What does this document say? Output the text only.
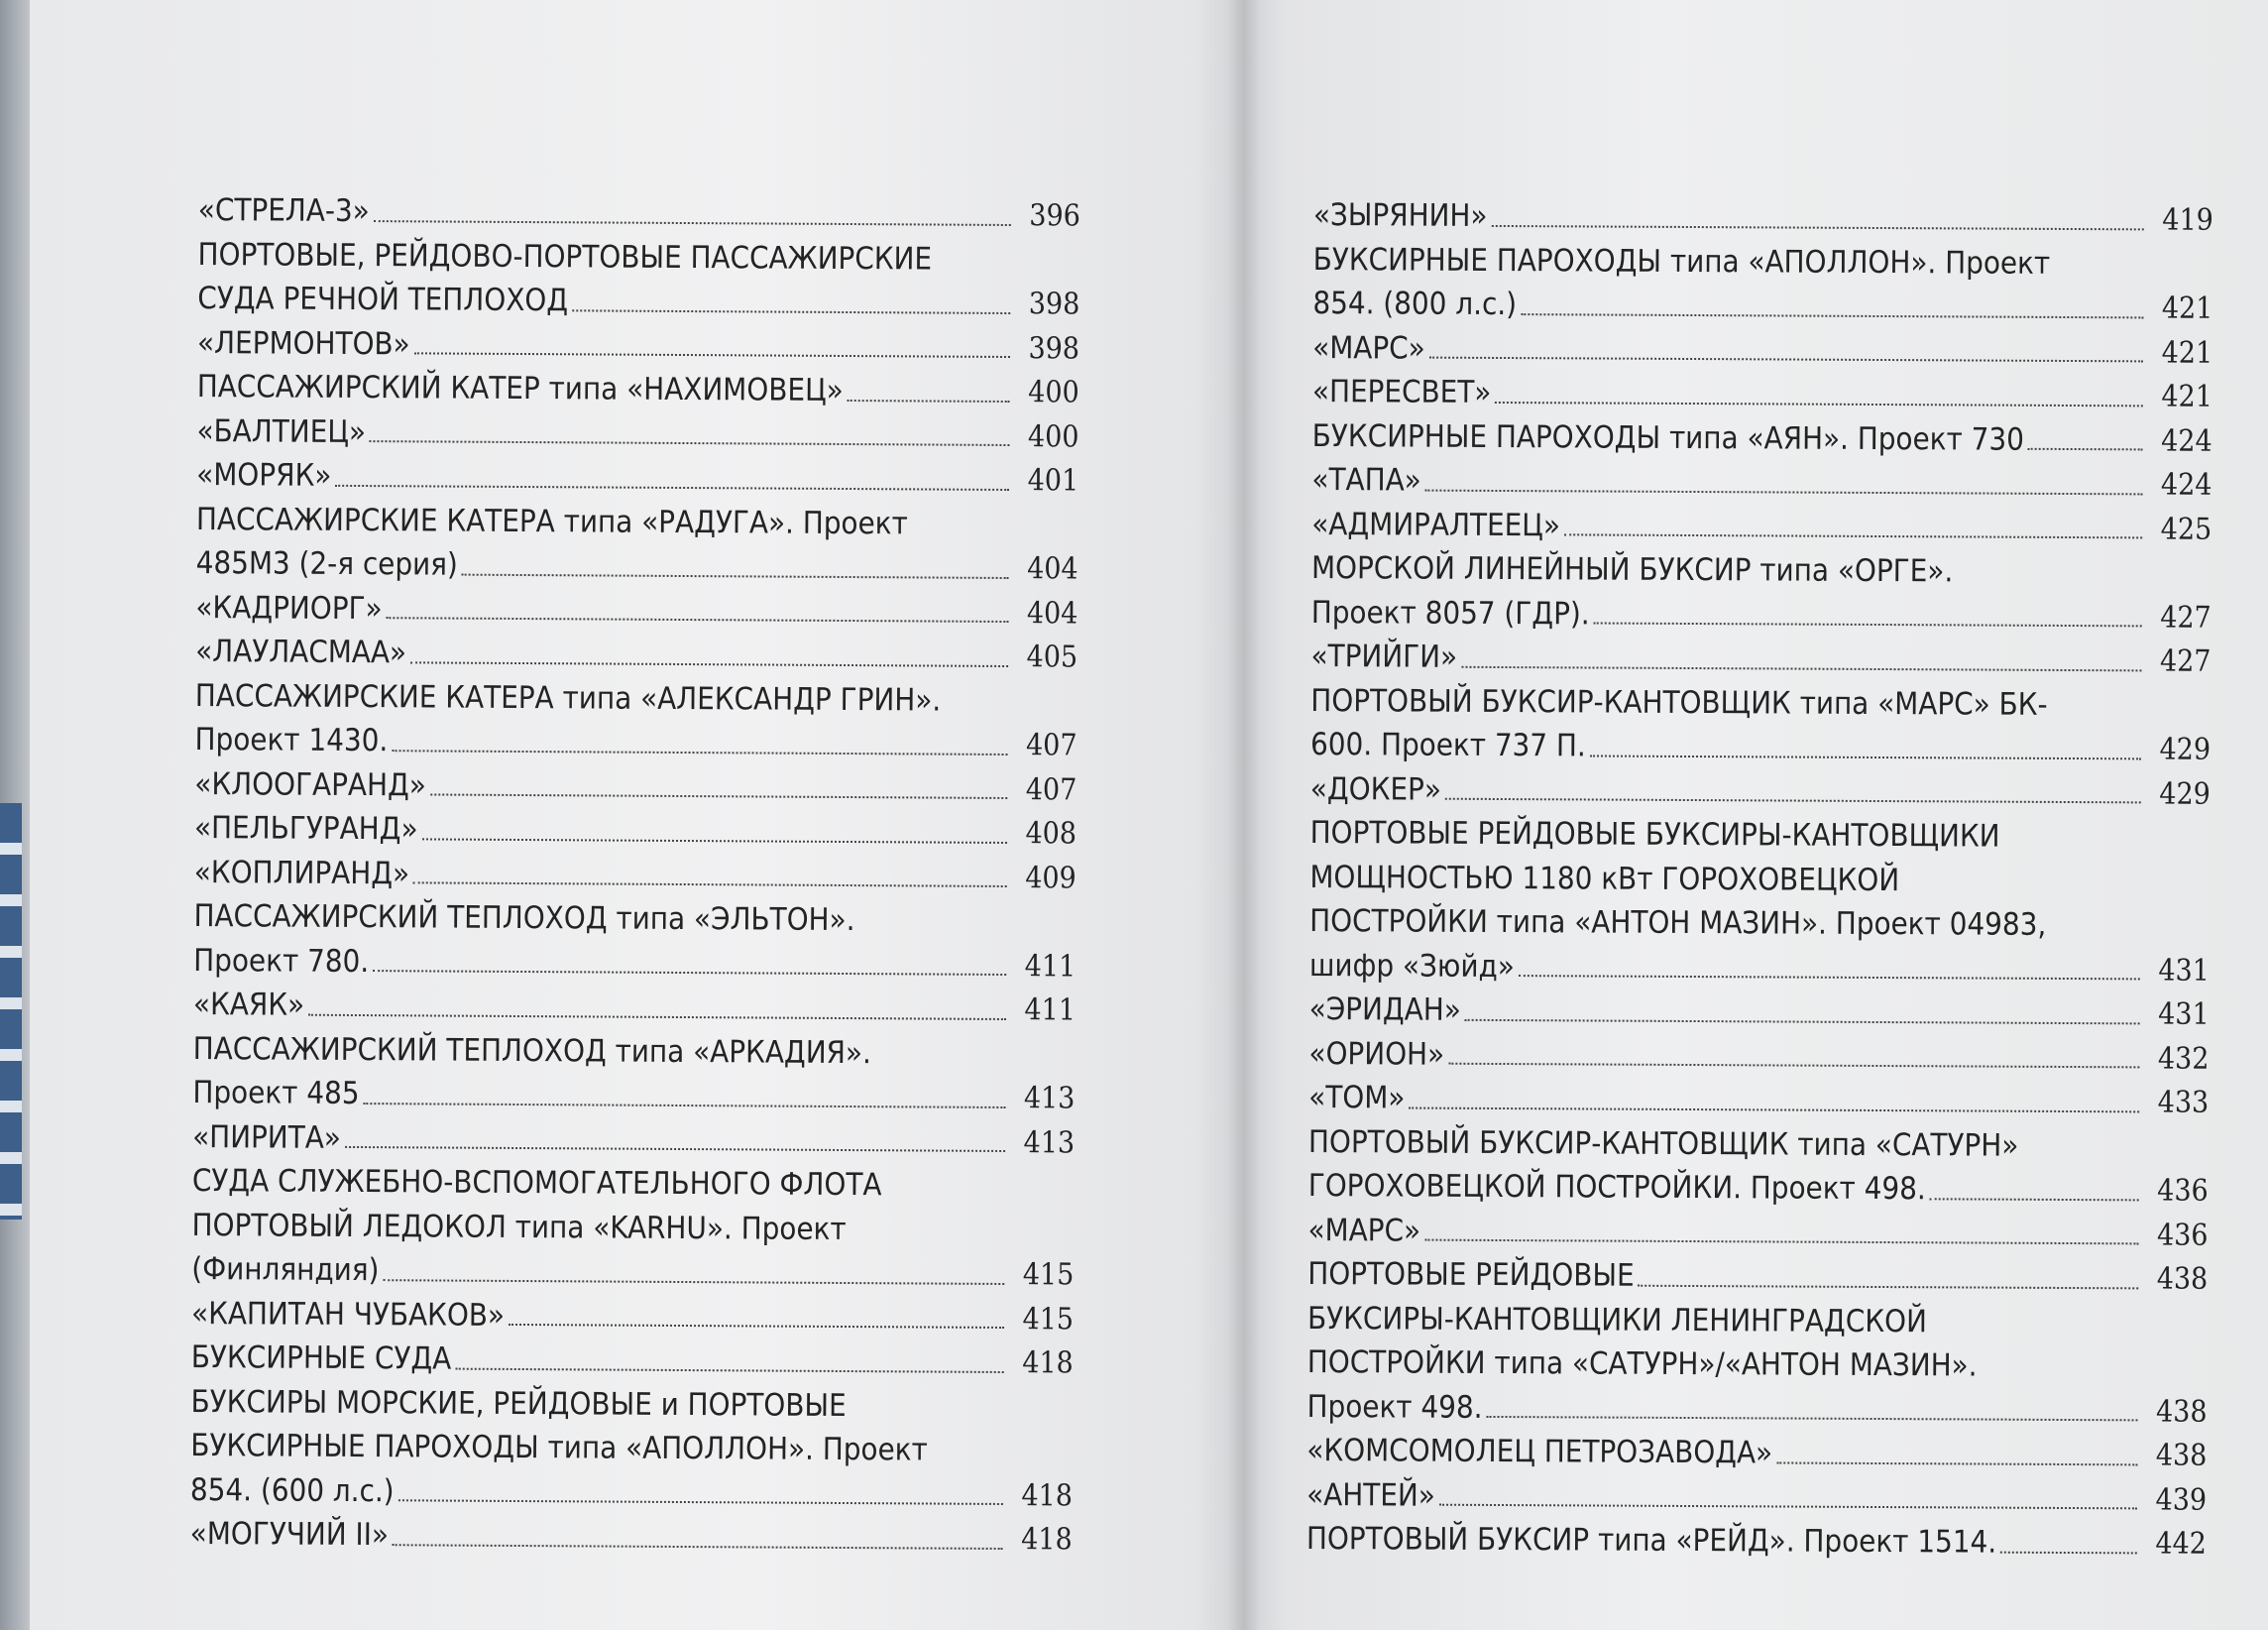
«СТРЕЛА-3»	396
ПОРТОВЫЕ, РЕЙДОВО-ПОРТОВЫЕ ПАССАЖИРСКИЕ
СУДА РЕЧНОЙ ТЕПЛОХОД	398
«ЛЕРМОНТОВ»	398
ПАССАЖИРСКИЙ КАТЕР типа «НАХИМОВЕЦ»	400
«БАЛТИЕЦ»	400
«МОРЯК»	401
ПАССАЖИРСКИЕ КАТЕРА типа «РАДУГА». Проект
485М3 (2-я серия)	404
«КАДРИОРГ»	404
«ЛАУЛАСМАА»	405
ПАССАЖИРСКИЕ КАТЕРА типа «АЛЕКСАНДР ГРИН».
Проект 1430.	407
«КЛООГАРАНД»	407
«ПЕЛЬГУРАНД»	408
«КОПЛИРАНД»	409
ПАССАЖИРСКИЙ ТЕПЛОХОД типа «ЭЛЬТОН».
Проект 780.	411
«КАЯК»	411
ПАССАЖИРСКИЙ ТЕПЛОХОД типа «АРКАДИЯ».
Проект 485	413
«ПИРИТА»	413
СУДА СЛУЖЕБНО-ВСПОМОГАТЕЛЬНОГО ФЛОТА
ПОРТОВЫЙ ЛЕДОКОЛ типа «KARHU». Проект
(Финляндия)	415
«КАПИТАН ЧУБАКОВ»	415
БУКСИРНЫЕ СУДА	418
БУКСИРЫ МОРСКИЕ, РЕЙДОВЫЕ и ПОРТОВЫЕ
БУКСИРНЫЕ ПАРОХОДЫ типа «АПОЛЛОН». Проект
854. (600 л.с.)	418
«МОГУЧИЙ II»	418
«ЗЫРЯНИН»	419
БУКСИРНЫЕ ПАРОХОДЫ типа «АПОЛЛОН». Проект
854. (800 л.с.)	421
«МАРС»	421
«ПЕРЕСВЕТ»	421
БУКСИРНЫЕ ПАРОХОДЫ типа «АЯН». Проект 730	424
«ТАПА»	424
«АДМИРАЛТЕЕЦ»	425
МОРСКОЙ ЛИНЕЙНЫЙ БУКСИР типа «ОРГЕ».
Проект 8057 (ГДР).	427
«ТРИЙГИ»	427
ПОРТОВЫЙ БУКСИР-КАНТОВЩИК типа «МАРС» БК-
600. Проект 737 П.	429
«ДОКЕР»	429
ПОРТОВЫЕ РЕЙДОВЫЕ БУКСИРЫ-КАНТОВЩИКИ
МОЩНОСТЬЮ 1180 кВт ГОРОХОВЕЦКОЙ
ПОСТРОЙКИ типа «АНТОН МАЗИН». Проект 04983,
шифр «Зюйд»	431
«ЭРИДАН»	431
«ОРИОН»	432
«ТОМ»	433
ПОРТОВЫЙ БУКСИР-КАНТОВЩИК типа «САТУРН»
ГОРОХОВЕЦКОЙ ПОСТРОЙКИ. Проект 498.	436
«МАРС»	436
ПОРТОВЫЕ РЕЙДОВЫЕ	438
БУКСИРЫ-КАНТОВЩИКИ ЛЕНИНГРАДСКОЙ
ПОСТРОЙКИ типа «САТУРН»/«АНТОН МАЗИН».
Проект 498.	438
«КОМСОМОЛЕЦ ПЕТРОЗАВОДА»	438
«АНТЕЙ»	439
ПОРТОВЫЙ БУКСИР типа «РЕЙД». Проект 1514.	442
